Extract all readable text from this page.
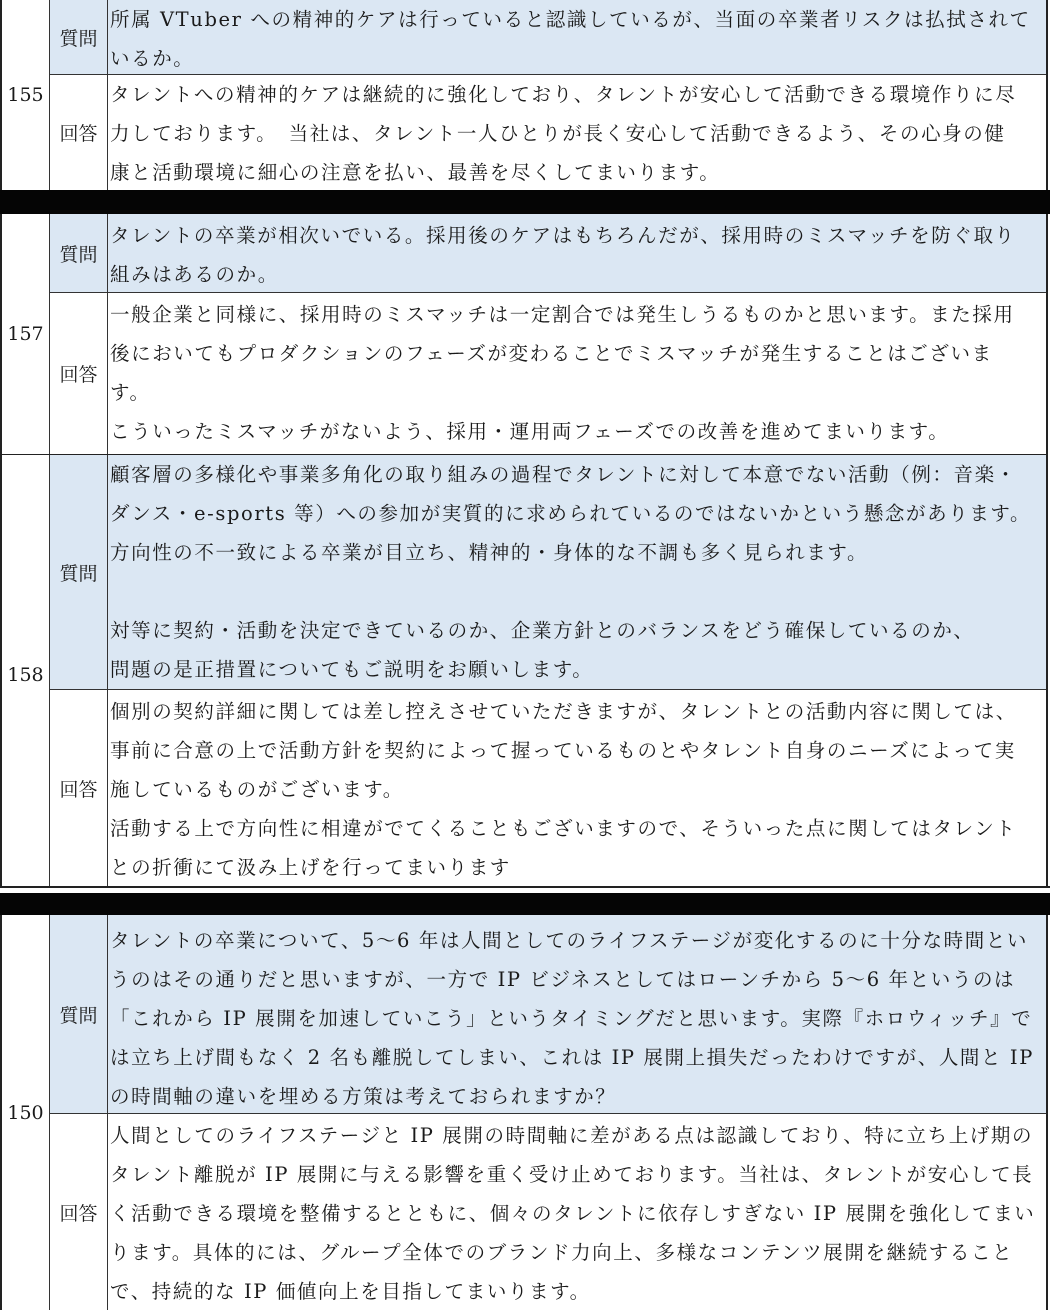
155
質問
所属 VTuber への精神的ケアは行っていると認識しているが、当面の卒業者リスクは払拭されて
いるか。
回答
タレントへの精神的ケアは継続的に強化しており、タレントが安心して活動できる環境作りに尽
力しております。　当社は、タレント一人ひとりが長く安心して活動できるよう、その心身の健
康と活動環境に細心の注意を払い、最善を尽くしてまいります。
157
質問
タレントの卒業が相次いでいる。採用後のケアはもちろんだが、採用時のミスマッチを防ぐ取り
組みはあるのか。
回答
一般企業と同様に、採用時のミスマッチは一定割合では発生しうるものかと思います。また採用
後においてもプロダクションのフェーズが変わることでミスマッチが発生することはございま
す。
こういったミスマッチがないよう、採用・運用両フェーズでの改善を進めてまいります。
158
質問
顧客層の多様化や事業多角化の取り組みの過程でタレントに対して本意でない活動（例：音楽・
ダンス・e-sports 等）への参加が実質的に求められているのではないかという懸念があります。
方向性の不一致による卒業が目立ち、精神的・身体的な不調も多く見られます。

対等に契約・活動を決定できているのか、企業方針とのバランスをどう確保しているのか、
問題の是正措置についてもご説明をお願いします。
回答
個別の契約詳細に関しては差し控えさせていただきますが、タレントとの活動内容に関しては、
事前に合意の上で活動方針を契約によって握っているものとやタレント自身のニーズによって実
施しているものがございます。
活動する上で方向性に相違がでてくることもございますので、そういった点に関してはタレント
との折衝にて汲み上げを行ってまいります
150
質問
タレントの卒業について、5〜6 年は人間としてのライフステージが変化するのに十分な時間とい
うのはその通りだと思いますが、一方で IP ビジネスとしてはローンチから 5〜6 年というのは
「これから IP 展開を加速していこう」というタイミングだと思います。実際『ホロウィッチ』で
は立ち上げ間もなく 2 名も離脱してしまい、これは IP 展開上損失だったわけですが、人間と IP
の時間軸の違いを埋める方策は考えておられますか？
回答
人間としてのライフステージと IP 展開の時間軸に差がある点は認識しており、特に立ち上げ期の
タレント離脱が IP 展開に与える影響を重く受け止めております。当社は、タレントが安心して長
く活動できる環境を整備するとともに、個々のタレントに依存しすぎない IP 展開を強化してまい
ります。具体的には、グループ全体でのブランド力向上、多様なコンテンツ展開を継続すること
で、持続的な IP 価値向上を目指してまいります。
